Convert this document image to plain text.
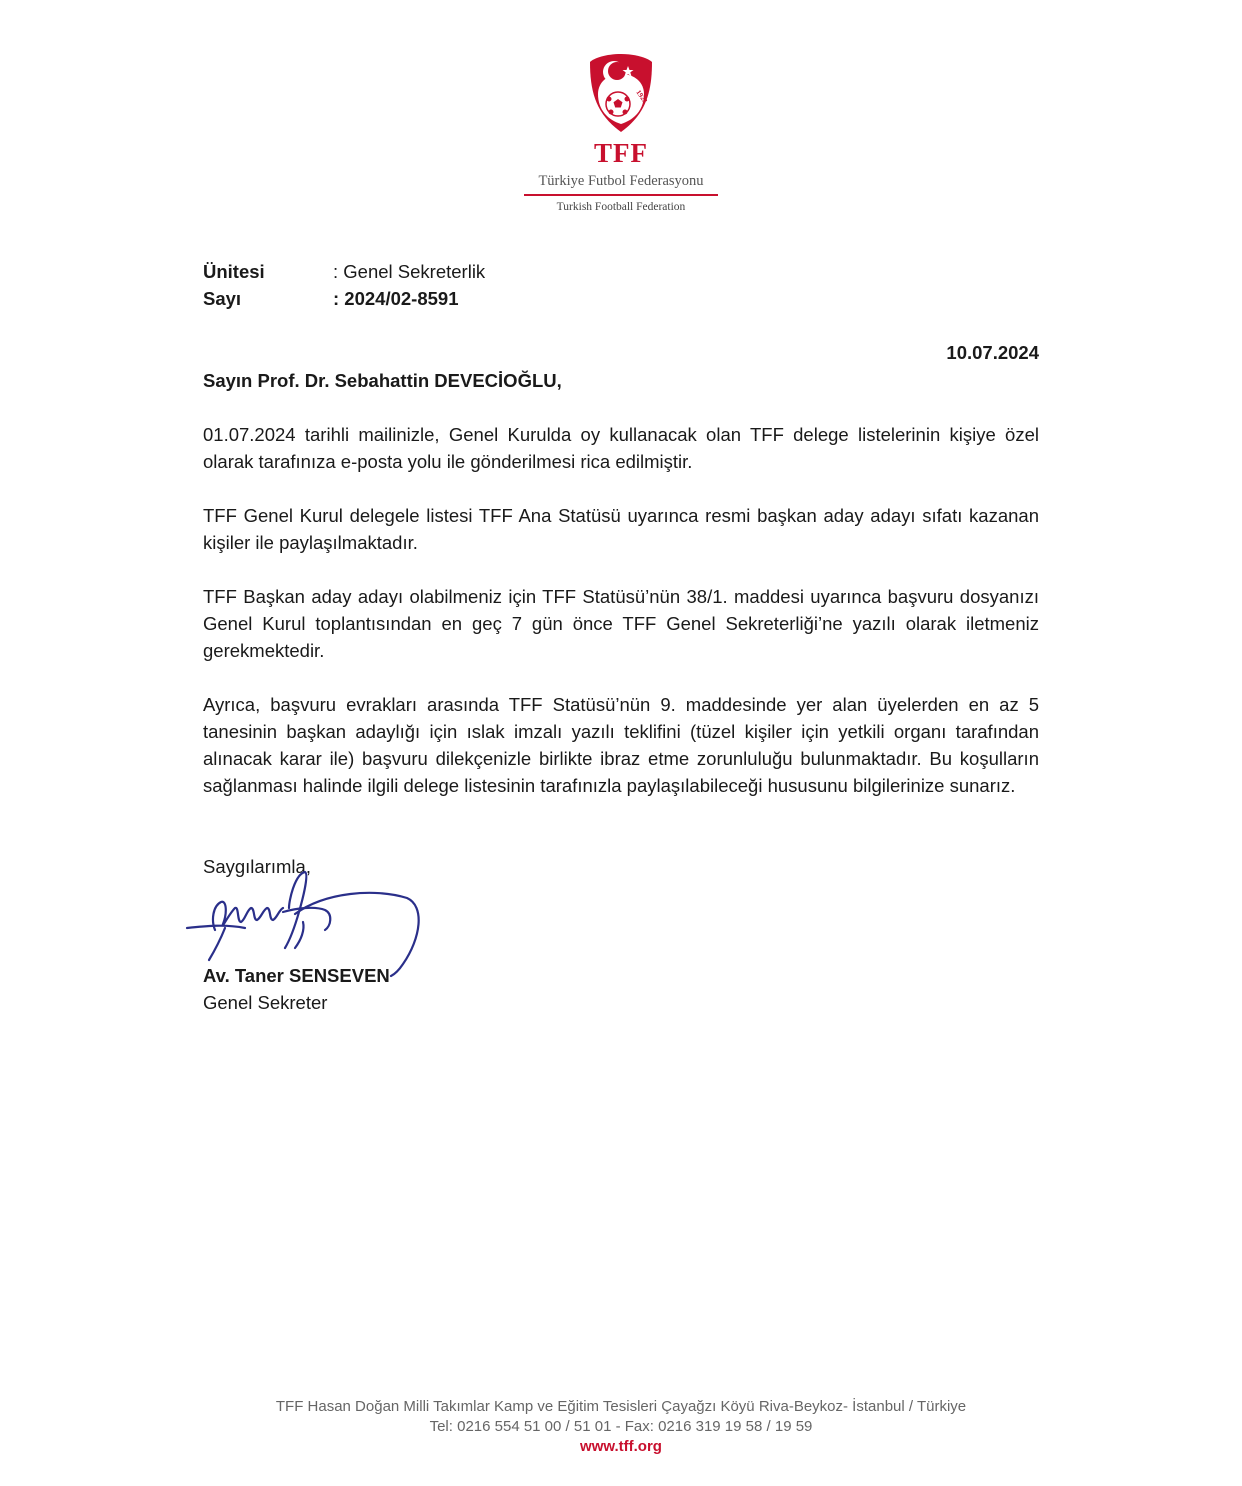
1923
TFF
Türkiye Futbol Federasyonu
Turkish Football Federation
Ünitesi	: Genel Sekreterlik
Sayı	: 2024/02-8591
10.07.2024
Sayın Prof. Dr. Sebahattin DEVECİOĞLU,
01.07.2024 tarihli mailinizle, Genel Kurulda oy kullanacak olan TFF delege listelerinin kişiye özel olarak tarafınıza e-posta yolu ile gönderilmesi rica edilmiştir.
TFF Genel Kurul delegele listesi TFF Ana Statüsü uyarınca resmi başkan aday adayı sıfatı kazanan kişiler ile paylaşılmaktadır.
TFF Başkan aday adayı olabilmeniz için TFF Statüsü’nün 38/1. maddesi uyarınca başvuru dosyanızı Genel Kurul toplantısından en geç 7 gün önce TFF Genel Sekreterliği’ne yazılı olarak iletmeniz gerekmektedir.
Ayrıca, başvuru evrakları arasında TFF Statüsü’nün 9. maddesinde yer alan üyelerden en az 5 tanesinin başkan adaylığı için ıslak imzalı yazılı teklifini (tüzel kişiler için yetkili organı tarafından alınacak karar ile) başvuru dilekçenizle birlikte ibraz etme zorunluluğu bulunmaktadır. Bu koşulların sağlanması halinde ilgili delege listesinin tarafınızla paylaşılabileceği hususunu bilgilerinize sunarız.
Saygılarımla,
Av. Taner SENSEVEN
Genel Sekreter
TFF Hasan Doğan Milli Takımlar Kamp ve Eğitim Tesisleri Çayağzı Köyü Riva-Beykoz- İstanbul / Türkiye
Tel: 0216 554 51 00 / 51 01 - Fax: 0216 319 19 58 / 19 59
www.tff.org
